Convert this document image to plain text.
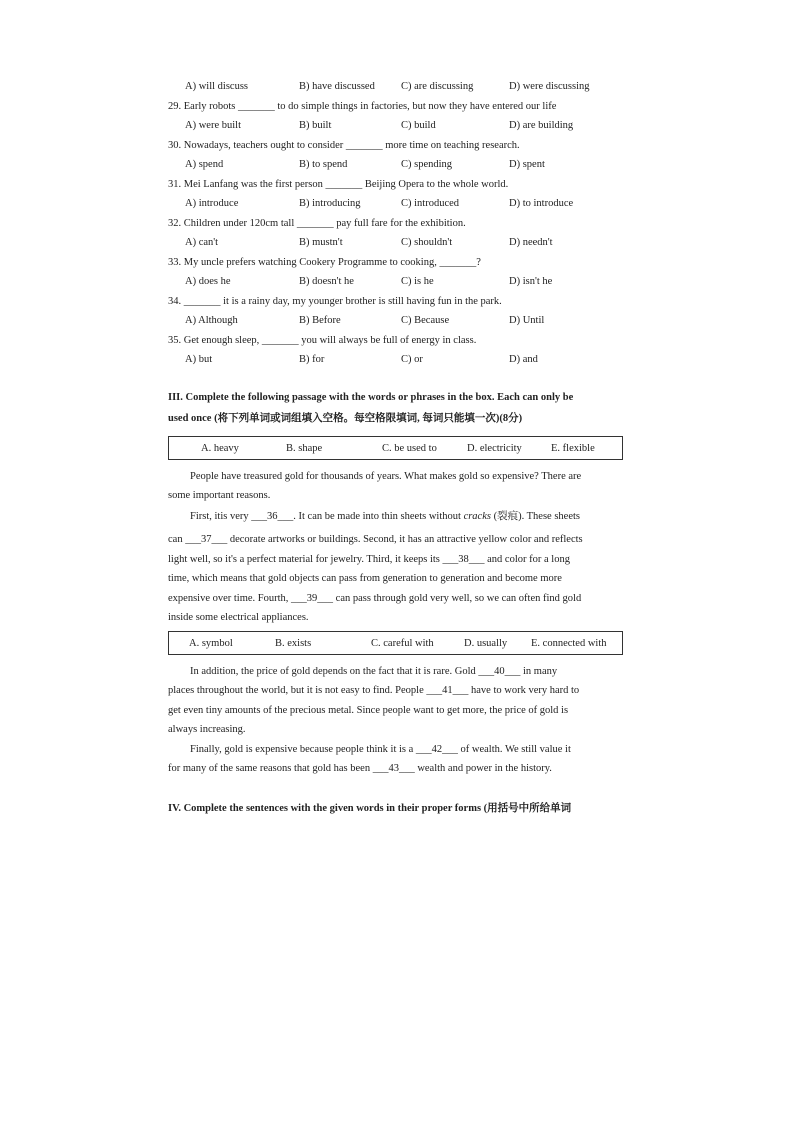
A) will discuss	B) have discussed C) are discussing	D) were discussing
29. Early robots _______ to do simple things in factories, but now they have entered our life
A) were built	B) built	C) build	D) are building
30. Nowadays, teachers ought to consider _______ more time on teaching research.
A) spend	B) to spend	C) spending	D) spent
31. Mei Lanfang was the first person _______ Beijing Opera to the whole world.
A) introduce	B) introducing	C) introduced	D) to introduce
32. Children under 120cm tall _______ pay full fare for the exhibition.
A) can't	B) mustn't	C) shouldn't	D) needn't
33. My uncle prefers watching Cookery Programme to cooking, _______?
A) does he	B) doesn't he	C) is he	D) isn't he
34. _______ it is a rainy day, my younger brother is still having fun in the park.
A) Although	B) Before	C) Because	D) Until
35. Get enough sleep, _______ you will always be full of energy in class.
A) but	B) for	C) or	D) and
III. Complete the following passage with the words or phrases in the box. Each can only be
used once (将下列单词或词组填入空格。每空格限填词, 每词只能填一次)(8分)
A. heavy	B. shape	C. be used to	D. electricity	E. flexible
People have treasured gold for thousands of years. What makes gold so expensive? There are
some important reasons.
First, itis very ___36___. It can be made into thin sheets without cracks (裂痕). These sheets
can ___37___ decorate artworks or buildings. Second, it has an attractive yellow color and reflects
light well, so it's a perfect material for jewelry. Third, it keeps its ___38___ and color for a long
time, which means that gold objects can pass from generation to generation and become more
expensive over time. Fourth, ___39___ can pass through gold very well, so we can often find gold
inside some electrical appliances.
A. symbol	B. exists	C. careful with	D. usually E. connected with
In addition, the price of gold depends on the fact that it is rare. Gold ___40___ in many
places throughout the world, but it is not easy to find. People ___41___ have to work very hard to
get even tiny amounts of the precious metal. Since people want to get more, the price of gold is
always increasing.
Finally, gold is expensive because people think it is a ___42___ of wealth. We still value it
for many of the same reasons that gold has been ___43___ wealth and power in the history.
IV. Complete the sentences with the given words in their proper forms (用括号中所给单词
